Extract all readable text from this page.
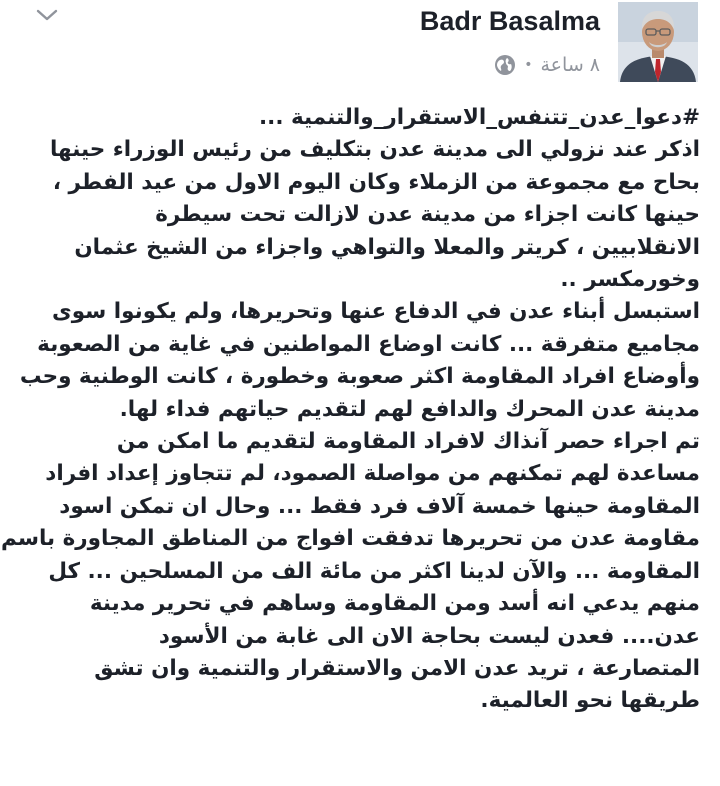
Badr Basalma
٨ ساعة
•

#دعوا_عدن_تتنفس_الاستقرار_والتنمية ...

اذكر عند نزولي الى مدينة عدن بتكليف من رئيس الوزراء حينها

بحاح مع مجموعة من الزملاء وكان اليوم الاول من عيد الفطر ،

حينها كانت اجزاء من مدينة عدن لازالت تحت سيطرة

الانقلابيين ، كريتر والمعلا والتواهي واجزاء من الشيخ عثمان

وخورمكسر ..

استبسل أبناء عدن في الدفاع عنها وتحريرها، ولم يكونوا سوى

مجاميع متفرقة ... كانت اوضاع المواطنين في غاية من الصعوبة

وأوضاع افراد المقاومة اكثر صعوبة وخطورة ، كانت الوطنية وحب

مدينة عدن المحرك والدافع لهم لتقديم حياتهم فداء لها.

تم اجراء حصر آنذاك لافراد المقاومة لتقديم ما امكن من

مساعدة لهم تمكنهم من مواصلة الصمود، لم تتجاوز إعداد افراد

المقاومة حينها خمسة آلاف فرد فقط ... وحال ان تمكن اسود

مقاومة عدن من تحريرها تدفقت افواج من المناطق المجاورة باسم

المقاومة ... والآن لدينا اكثر من مائة الف من المسلحين ... كل

منهم يدعي انه أسد ومن المقاومة وساهم في تحرير مدينة

عدن.... فعدن ليست بحاجة الان الى غابة من الأسود

المتصارعة ، تريد عدن الامن والاستقرار والتنمية وان تشق

طريقها نحو العالمية.
